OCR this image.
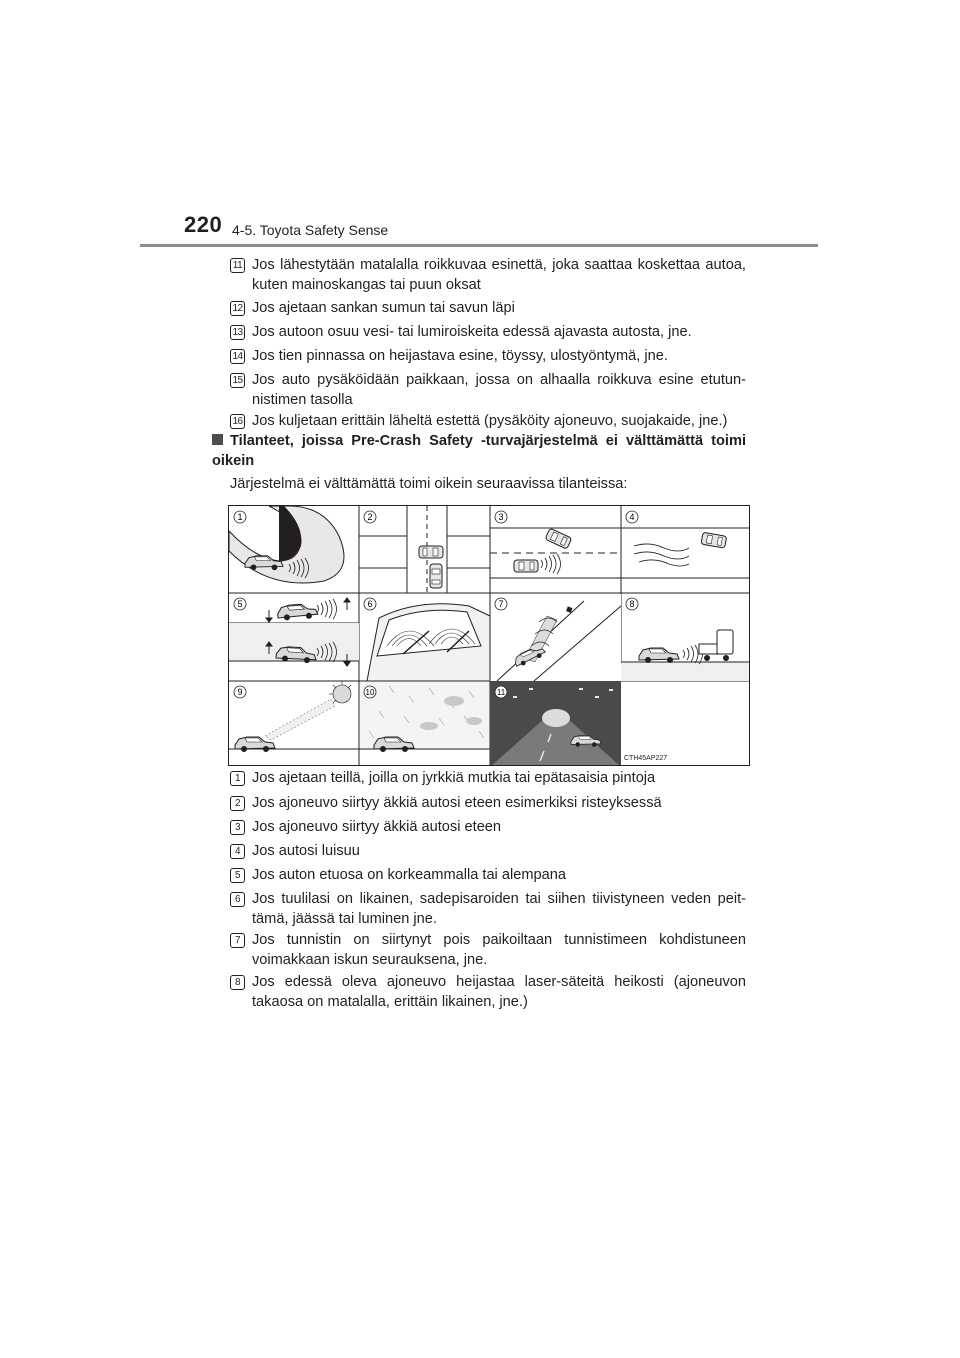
220 4-5. Toyota Safety Sense
11 Jos lähestytään matalalla roikkuvaa esinettä, joka saattaa koskettaa autoa, kuten mainoskangas tai puun oksat
12 Jos ajetaan sankan sumun tai savun läpi
13 Jos autoon osuu vesi- tai lumiroiskeita edessä ajavasta autosta, jne.
14 Jos tien pinnassa on heijastava esine, töyssy, ulostyöntymä, jne.
15 Jos auto pysäköidään paikkaan, jossa on alhaalla roikkuva esine etutun- nistimen tasolla
16 Jos kuljetaan erittäin läheltä estettä (pysäköity ajoneuvo, suojakaide, jne.)
Tilanteet, joissa Pre-Crash Safety -turvajärjestelmä ei välttämättä toimi oikein
Järjestelmä ei välttämättä toimi oikein seuraavissa tilanteissa:
CTH45AP227
1	2	3	4
5	6	7	8
9	10	11
1 Jos ajetaan teillä, joilla on jyrkkiä mutkia tai epätasaisia pintoja
2 Jos ajoneuvo siirtyy äkkiä autosi eteen esimerkiksi risteyksessä
3 Jos ajoneuvo siirtyy äkkiä autosi eteen
4 Jos autosi luisuu
5 Jos auton etuosa on korkeammalla tai alempana
6 Jos tuulilasi on likainen, sadepisaroiden tai siihen tiivistyneen veden peit- tämä, jäässä tai luminen jne.
7 Jos tunnistin on siirtynyt pois paikoiltaan tunnistimeen kohdistuneen voimakkaan iskun seurauksena, jne.
8 Jos edessä oleva ajoneuvo heijastaa laser-säteitä heikosti (ajoneuvon takaosa on matalalla, erittäin likainen, jne.)
